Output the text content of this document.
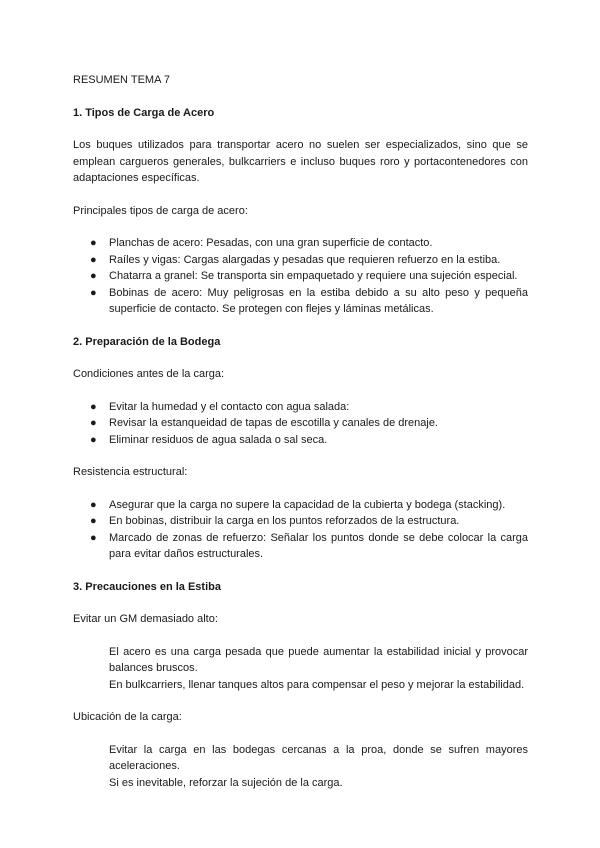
RESUMEN TEMA 7

1. Tipos de Carga de Acero

Los buques utilizados para transportar acero no suelen ser especializados, sino que se emplean cargueros generales, bulkcarriers e incluso buques roro y portacontenedores con adaptaciones específicas.

Principales tipos de carga de acero:

● Planchas de acero: Pesadas, con una gran superficie de contacto.
● Raíles y vigas: Cargas alargadas y pesadas que requieren refuerzo en la estiba.
● Chatarra a granel: Se transporta sin empaquetado y requiere una sujeción especial.
● Bobinas de acero: Muy peligrosas en la estiba debido a su alto peso y pequeña superficie de contacto. Se protegen con flejes y láminas metálicas.

2. Preparación de la Bodega

Condiciones antes de la carga:

● Evitar la humedad y el contacto con agua salada:
● Revisar la estanqueidad de tapas de escotilla y canales de drenaje.
● Eliminar residuos de agua salada o sal seca.

Resistencia estructural:

● Asegurar que la carga no supere la capacidad de la cubierta y bodega (stacking).
● En bobinas, distribuir la carga en los puntos reforzados de la estructura.
● Marcado de zonas de refuerzo: Señalar los puntos donde se debe colocar la carga para evitar daños estructurales.

3. Precauciones en la Estiba

Evitar un GM demasiado alto:

El acero es una carga pesada que puede aumentar la estabilidad inicial y provocar balances bruscos.

En bulkcarriers, llenar tanques altos para compensar el peso y mejorar la estabilidad.

Ubicación de la carga:

Evitar la carga en las bodegas cercanas a la proa, donde se sufren mayores aceleraciones.

Si es inevitable, reforzar la sujeción de la carga.
